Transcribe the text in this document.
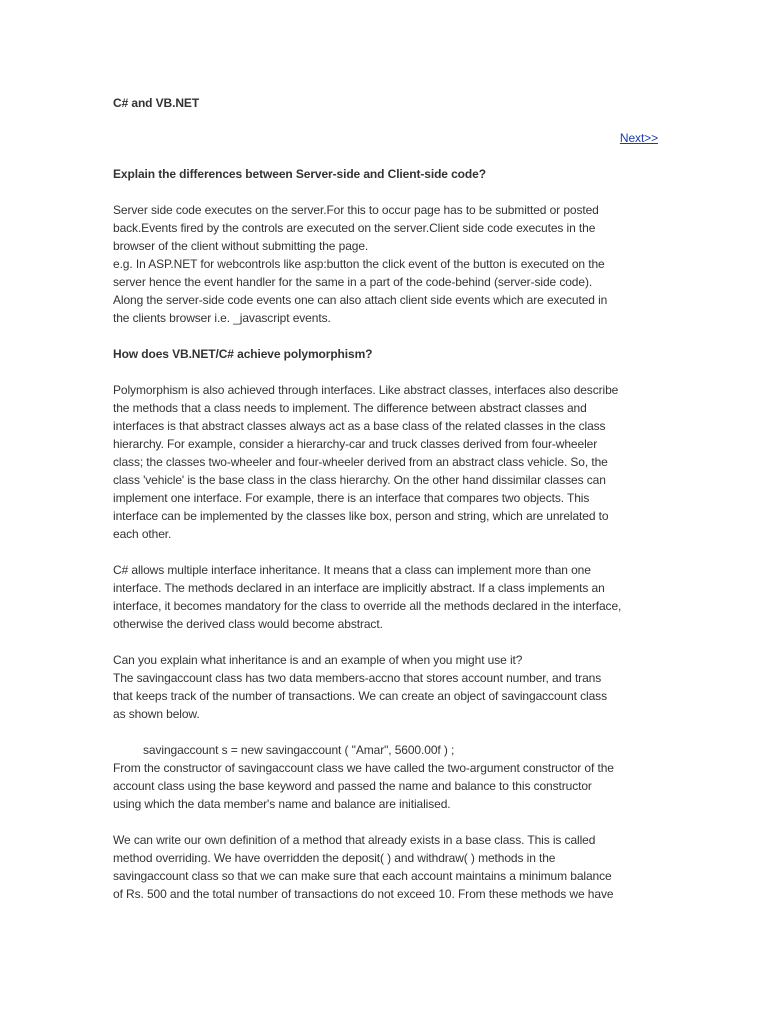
C# and VB.NET

Next>>

Explain the differences between Server-side and Client-side code?

Server side code executes on the server.For this to occur page has to be submitted or posted
back.Events fired by the controls are executed on the server.Client side code executes in the
browser of the client without submitting the page.
e.g. In ASP.NET for webcontrols like asp:button the click event of the button is executed on the
server hence the event handler for the same in a part of the code-behind (server-side code).
Along the server-side code events one can also attach client side events which are executed in
the clients browser i.e. _javascript events.

How does VB.NET/C# achieve polymorphism?

Polymorphism is also achieved through interfaces. Like abstract classes, interfaces also describe
the methods that a class needs to implement. The difference between abstract classes and
interfaces is that abstract classes always act as a base class of the related classes in the class
hierarchy. For example, consider a hierarchy-car and truck classes derived from four-wheeler
class; the classes two-wheeler and four-wheeler derived from an abstract class vehicle. So, the
class 'vehicle' is the base class in the class hierarchy. On the other hand dissimilar classes can
implement one interface. For example, there is an interface that compares two objects. This
interface can be implemented by the classes like box, person and string, which are unrelated to
each other.

C# allows multiple interface inheritance. It means that a class can implement more than one
interface. The methods declared in an interface are implicitly abstract. If a class implements an
interface, it becomes mandatory for the class to override all the methods declared in the interface,
otherwise the derived class would become abstract.

Can you explain what inheritance is and an example of when you might use it?
The savingaccount class has two data members-accno that stores account number, and trans
that keeps track of the number of transactions. We can create an object of savingaccount class
as shown below.

savingaccount s = new savingaccount ( "Amar", 5600.00f ) ;

From the constructor of savingaccount class we have called the two-argument constructor of the
account class using the base keyword and passed the name and balance to this constructor
using which the data member's name and balance are initialised.

We can write our own definition of a method that already exists in a base class. This is called
method overriding. We have overridden the deposit( ) and withdraw( ) methods in the
savingaccount class so that we can make sure that each account maintains a minimum balance
of Rs. 500 and the total number of transactions do not exceed 10. From these methods we have
